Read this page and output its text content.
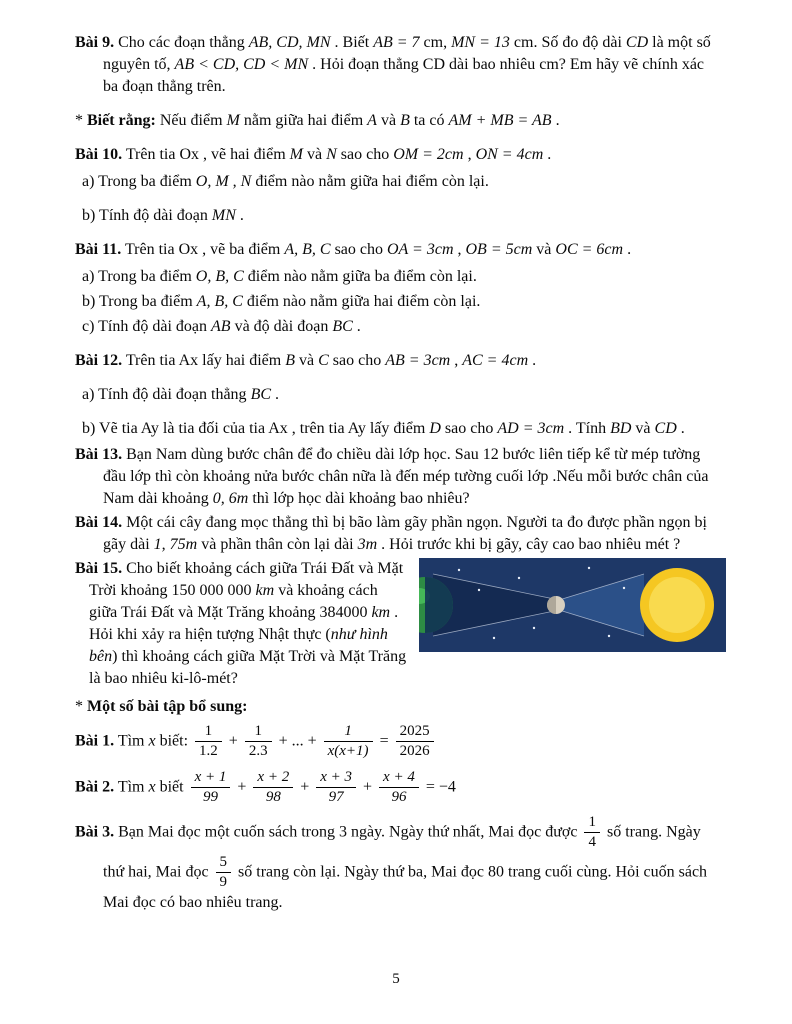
Bài 9. Cho các đoạn thẳng AB, CD, MN . Biết AB = 7 cm, MN = 13 cm. Số đo độ dài CD là một số nguyên tố, AB < CD, CD < MN . Hỏi đoạn thẳng CD dài bao nhiêu cm? Em hãy vẽ chính xác ba đoạn thẳng trên.

* Biết rằng: Nếu điểm M nằm giữa hai điểm A và B ta có AM + MB = AB .

Bài 10. Trên tia Ox , vẽ hai điểm M và N sao cho OM = 2cm , ON = 4cm .

a) Trong ba điểm O, M , N điểm nào nằm giữa hai điểm còn lại.

b) Tính độ dài đoạn MN .

Bài 11. Trên tia Ox , vẽ ba điểm A, B, C sao cho OA = 3cm , OB = 5cm và OC = 6cm .

a) Trong ba điểm O, B, C điểm nào nằm giữa ba điểm còn lại.

b) Trong ba điểm A, B, C điểm nào nằm giữa hai điểm còn lại.

c) Tính độ dài đoạn AB và độ dài đoạn BC .

Bài 12. Trên tia Ax lấy hai điểm B và C sao cho AB = 3cm , AC = 4cm .

a) Tính độ dài đoạn thẳng BC .

b) Vẽ tia Ay là tia đối của tia Ax , trên tia Ay lấy điểm D sao cho AD = 3cm . Tính BD và CD .

Bài 13. Bạn Nam dùng bước chân để đo chiều dài lớp học. Sau 12 bước liên tiếp kể từ mép tường đầu lớp thì còn khoảng nửa bước chân nữa là đến mép tường cuối lớp .Nếu mỗi bước chân của Nam dài khoảng 0, 6m thì lớp học dài khoảng bao nhiêu?

Bài 14. Một cái cây đang mọc thẳng thì bị bão làm gãy phần ngọn. Người ta đo được phần ngọn bị gãy dài 1, 75m và phần thân còn lại dài 3m . Hỏi trước khi bị gãy, cây cao bao nhiêu mét ?

Bài 15. Cho biết khoảng cách giữa Trái Đất và Mặt Trời khoảng 150 000 000 km và khoảng cách giữa Trái Đất và Mặt Trăng khoảng 384000 km . Hỏi khi xảy ra hiện tượng Nhật thực (như hình bên) thì khoảng cách giữa Mặt Trời và Mặt Trăng là bao nhiêu ki-lô-mét?

* Một số bài tập bổ sung:

Bài 1. Tìm x biết: $\frac{1}{1.2} + \frac{1}{2.3}$ + ... + $\frac{1}{x(x+1)} = \frac{2025}{2026}$

Bài 2. Tìm x biết $\frac{x + 1}{99} + \frac{x + 2}{98} + \frac{x + 3}{97} + \frac{x + 4}{96} = -4$

Bài 3. Bạn Mai đọc một cuốn sách trong 3 ngày. Ngày thứ nhất, Mai đọc được $\frac{1}{4}$ số trang. Ngày thứ hai, Mai đọc $\frac{5}{9}$ số trang còn lại. Ngày thứ ba, Mai đọc 80 trang cuối cùng. Hỏi cuốn sách Mai đọc có bao nhiêu trang.

5
